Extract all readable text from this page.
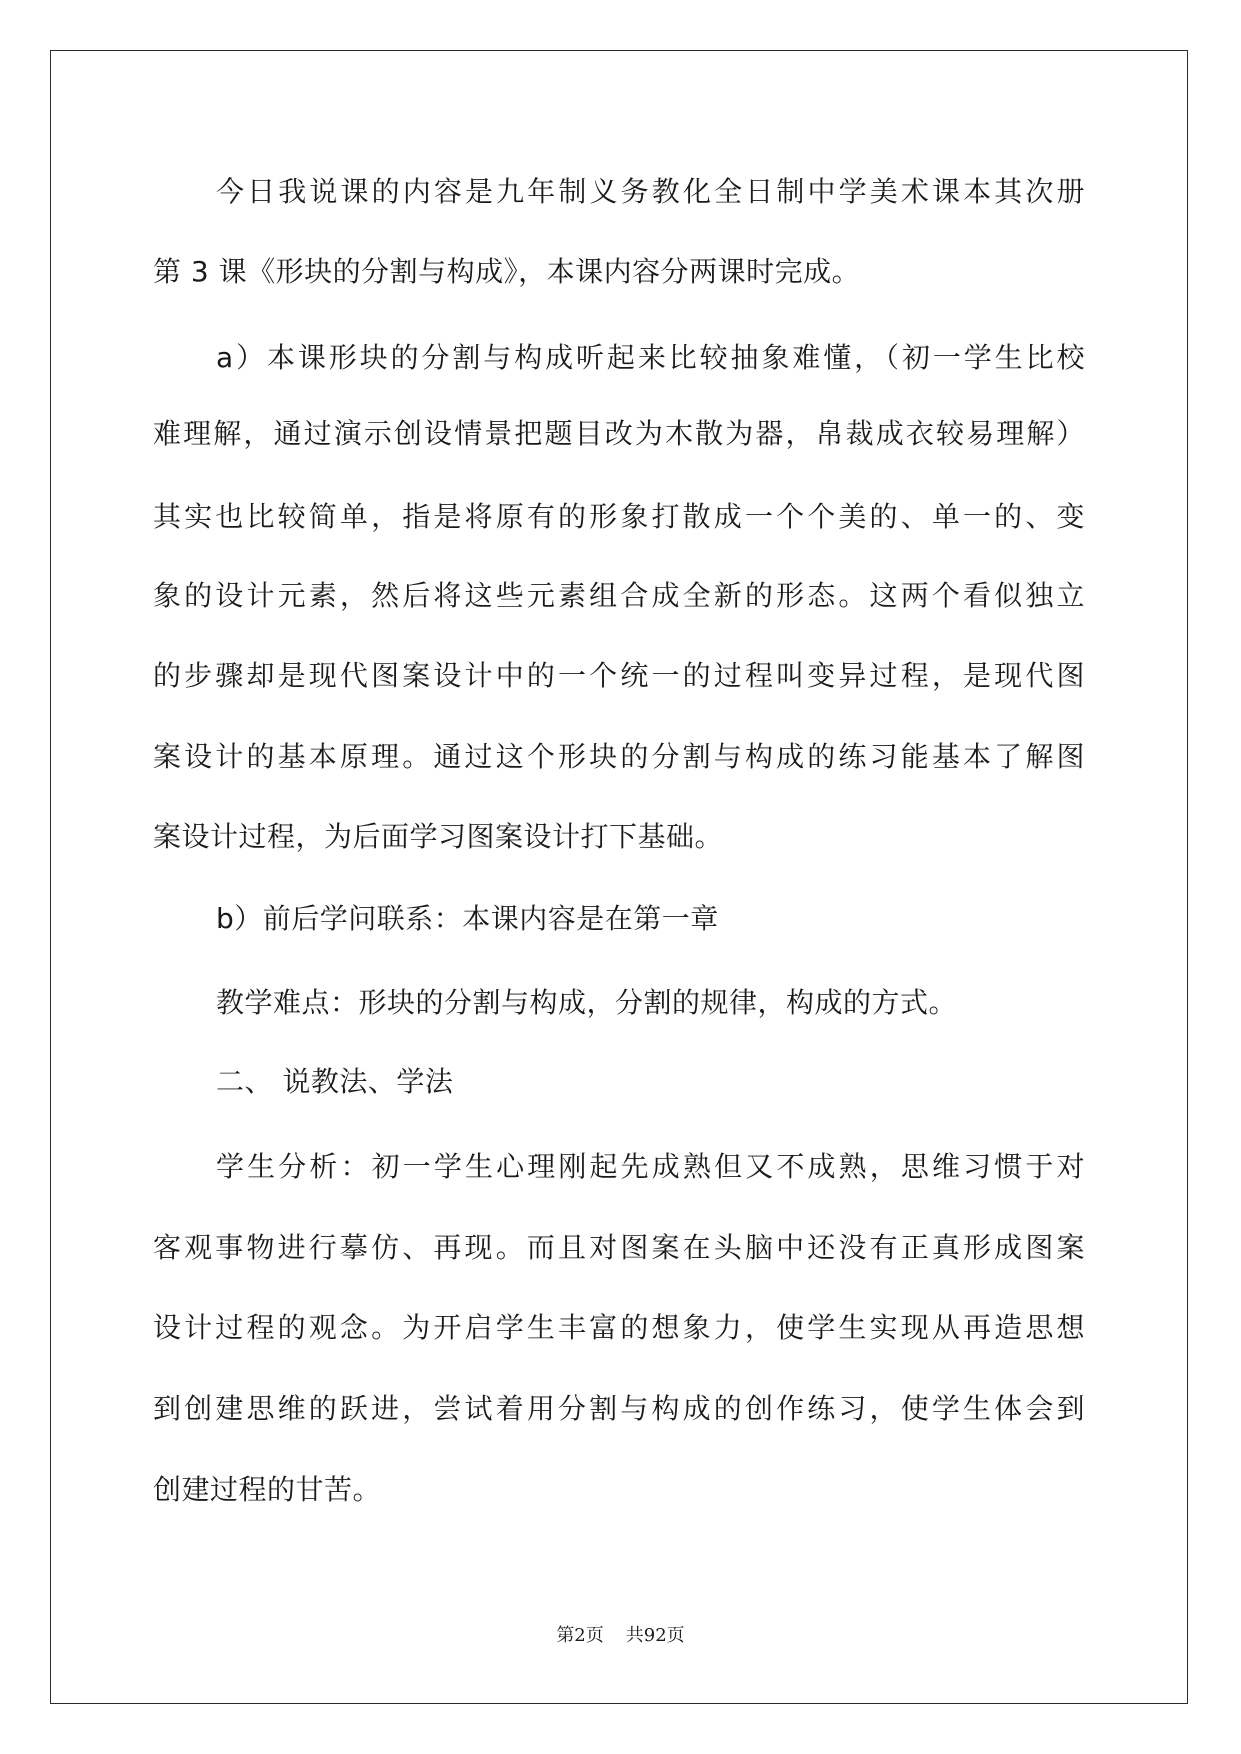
今日我说课的内容是九年制义务教化全日制中学美术课本其次册
第 3 课《形块的分割与构成》，本课内容分两课时完成。
a）本课形块的分割与构成听起来比较抽象难懂，（初一学生比校
难理解，通过演示创设情景把题目改为木散为器，帛裁成衣较易理解）
其实也比较简单，指是将原有的形象打散成一个个美的、单一的、变
象的设计元素，然后将这些元素组合成全新的形态。这两个看似独立
的步骤却是现代图案设计中的一个统一的过程叫变异过程，是现代图
案设计的基本原理。通过这个形块的分割与构成的练习能基本了解图
案设计过程，为后面学习图案设计打下基础。
b）前后学问联系：本课内容是在第一章
教学难点：形块的分割与构成，分割的规律，构成的方式。
二、 说教法、学法
学生分析：初一学生心理刚起先成熟但又不成熟，思维习惯于对
客观事物进行摹仿、再现。而且对图案在头脑中还没有正真形成图案
设计过程的观念。为开启学生丰富的想象力，使学生实现从再造思想
到创建思维的跃进，尝试着用分割与构成的创作练习，使学生体会到
创建过程的甘苦。
第2页 共92页
